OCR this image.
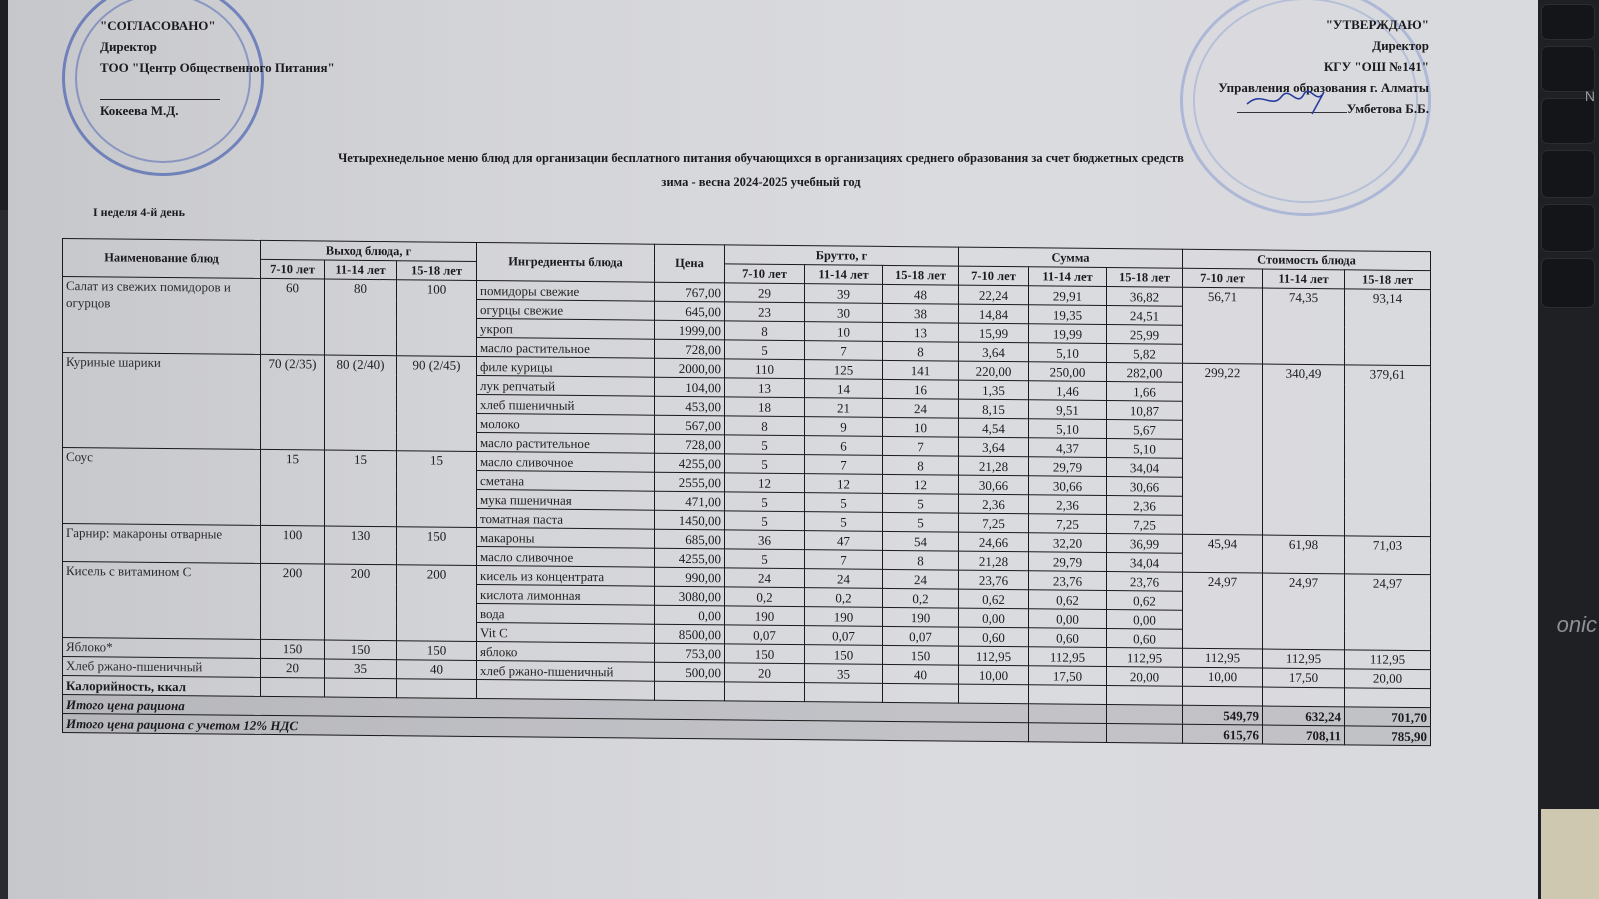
N
onic
"СОГЛАСОВАНО"
Директор
ТОО "Центр Общественного Питания"

Кокеева М.Д.
"УТВЕРЖДАЮ"
Директор
КГУ "ОШ №141"
Управления образования г. Алматы
Умбетова Б.Б.
Четырехнедельное меню блюд для организации бесплатного питания обучающихся в организациях среднего образования за счет бюджетных средств
зима - весна 2024-2025 учебный год
I неделя 4-й день
Наименование блюд	Выход блюда, г			Ингредиенты блюда	Цена	Брутто, г			Сумма			Стоимость блюда		
	7-10 лет	11-14 лет	15-18 лет			7-10 лет	11-14 лет	15-18 лет	7-10 лет	11-14 лет	15-18 лет	7-10 лет	11-14 лет	15-18 лет
Салат из свежих помидоров и огурцов	60	80	100	помидоры свежие	767,00	29	39	48	22,24	29,91	36,82	56,71	74,35	93,14
				огурцы свежие	645,00	23	30	38	14,84	19,35	24,51			
				укроп	1999,00	8	10	13	15,99	19,99	25,99			
				масло растительное	728,00	5	7	8	3,64	5,10	5,82			
Куриные шарики	70 (2/35)	80 (2/40)	90 (2/45)	филе курицы	2000,00	110	125	141	220,00	250,00	282,00	299,22	340,49	379,61
				лук репчатый	104,00	13	14	16	1,35	1,46	1,66			
				хлеб пшеничный	453,00	18	21	24	8,15	9,51	10,87			
				молоко	567,00	8	9	10	4,54	5,10	5,67			
				масло растительное	728,00	5	6	7	3,64	4,37	5,10			
Соус	15	15	15	масло сливочное	4255,00	5	7	8	21,28	29,79	34,04			
				сметана	2555,00	12	12	12	30,66	30,66	30,66			
				мука пшеничная	471,00	5	5	5	2,36	2,36	2,36			
				томатная паста	1450,00	5	5	5	7,25	7,25	7,25			
Гарнир: макароны отварные	100	130	150	макароны	685,00	36	47	54	24,66	32,20	36,99	45,94	61,98	71,03
				масло сливочное	4255,00	5	7	8	21,28	29,79	34,04			
Кисель с витамином С	200	200	200	кисель из концентрата	990,00	24	24	24	23,76	23,76	23,76	24,97	24,97	24,97
				кислота лимонная	3080,00	0,2	0,2	0,2	0,62	0,62	0,62			
				вода	0,00	190	190	190	0,00	0,00	0,00			
				Vit C	8500,00	0,07	0,07	0,07	0,60	0,60	0,60			
Яблоко*	150	150	150	яблоко	753,00	150	150	150	112,95	112,95	112,95	112,95	112,95	112,95
Хлеб ржано-пшеничный	20	35	40	хлеб ржано-пшеничный	500,00	20	35	40	10,00	17,50	20,00	10,00	17,50	20,00
Калорийность, ккал														
Итого цена рациона												549,79	632,24	701,70
Итого цена рациона с учетом 12% НДС												615,76	708,11	785,90
